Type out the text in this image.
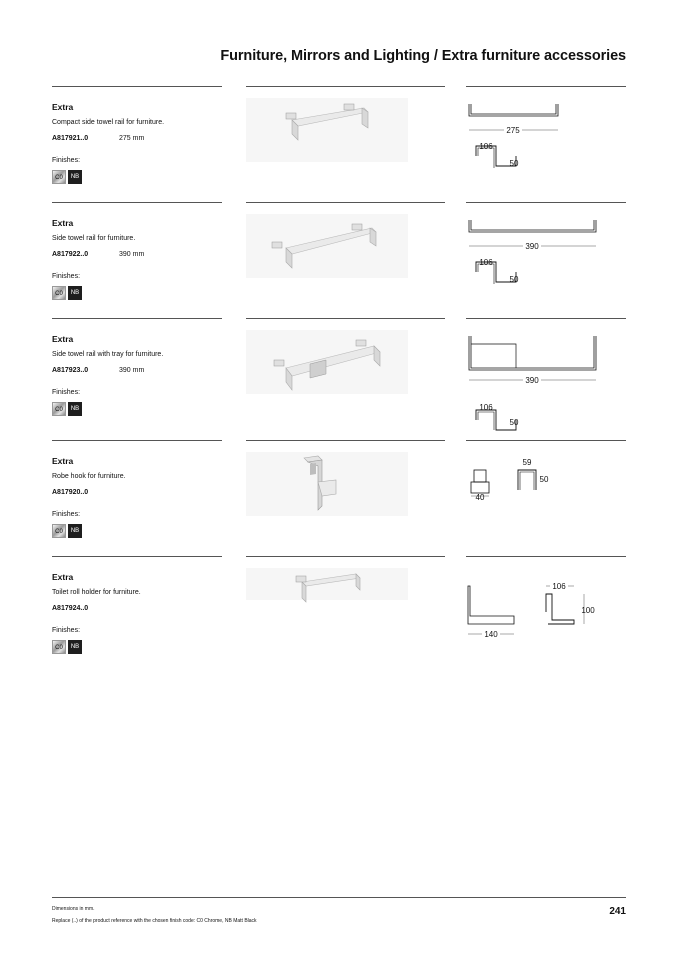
Furniture, Mirrors and Lighting / Extra furniture accessories
Extra
Compact side towel rail for furniture.
A817921..0	275 mm
Finishes:
C0	NB
275
106
50
Extra
Side towel rail for furniture.
A817922..0	390 mm
Finishes:
C0	NB
390
106
50
Extra
Side towel rail with tray for furniture.
A817923..0	390 mm
Finishes:
C0	NB
390
106
50
Extra
Robe hook for furniture.
A817920..0
Finishes:
C0	NB
40
59
50
Extra
Toilet roll holder for furniture.
A817924..0
Finishes:
C0	NB
140
106
100
Dimensions in mm.
Replace (..) of the product reference with the chosen finish code: C0 Chrome, NB Matt Black
241
